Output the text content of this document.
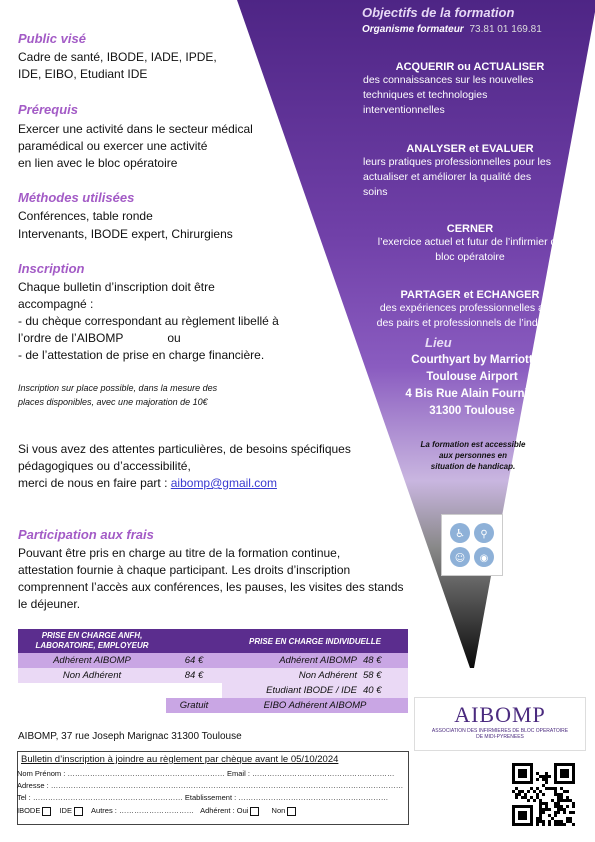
Public visé
Cadre de santé, IBODE, IADE, IPDE,
IDE, EIBO, Etudiant IDE
Prérequis
Exercer une activité dans le secteur médical
paramédical ou exercer une activité
en lien avec le bloc opératoire
Méthodes utilisées
Conférences, table ronde
Intervenants, IBODE expert, Chirurgiens
Inscription
Chaque bulletin d’inscription doit être
accompagné :
- du chèque correspondant au règlement libellé à
l’ordre de l’AIBOMP	ou
- de l’attestation de prise en charge financière.
Inscription sur place possible, dans la mesure des
places disponibles, avec une majoration de 10€
Si vous avez des attentes particulières, de besoins spécifiques
pédagogiques ou d’accessibilité,
merci de nous en faire part : aibomp@gmail.com
Participation aux frais
Pouvant être pris en charge au titre de la formation continue,
attestation fournie à chaque participant. Les droits d’inscription
comprennent l’accès aux conférences, les pauses, les visites des stands
le déjeuner.
Objectifs de la formation
Organisme formateur 73.81 01 169.81
ACQUERIR ou ACTUALISER
des connaissances sur les nouvelles
techniques et technologies
interventionnelles
ANALYSER et EVALUER
leurs pratiques professionnelles pour les
actualiser et améliorer la qualité des
soins
CERNER
l’exercice actuel et futur de l’infirmier de
bloc opératoire
PARTAGER et ECHANGER
des expériences professionnelles avec
des pairs et professionnels de l’industrie
Lieu
Courthyart by Marriott
Toulouse Airport
4 Bis Rue Alain Fournier
31300 Toulouse
La formation est accessible
aux personnes en
situation de handicap.
♿ ⚲
☺ ◉
PRISE EN CHARGE ANFH,
LABORATOIRE, EMPLOYEUR		PRISE EN CHARGE INDIVIDUELLE	
Adhérent AIBOMP	64 €	Adhérent AIBOMP	48 €
Non Adhérent	84 €	Non Adhérent	58 €
		Etudiant IBODE / IDE	40 €
	Gratuit	EIBO Adhérent AIBOMP		AIBOMP
ASSOCIATION DES INFIRMIERES DE BLOC OPERATOIRE
DE MIDI-PYRENEES
AIBOMP, 37 rue Joseph Marignac 31300 Toulouse
Bulletin d’inscription à joindre au règlement par chèque avant le 05/10/2024
Nom Prénom : ……………………………………………………… Email : …………………………………………………
Adresse : ……………………………………………………………………………………………………………………………
Tel : …………………………………………………… Etablissement : ……………………………………………………
IBODE	IDE	Autres : ………………………… Adhérent : Oui	Non
